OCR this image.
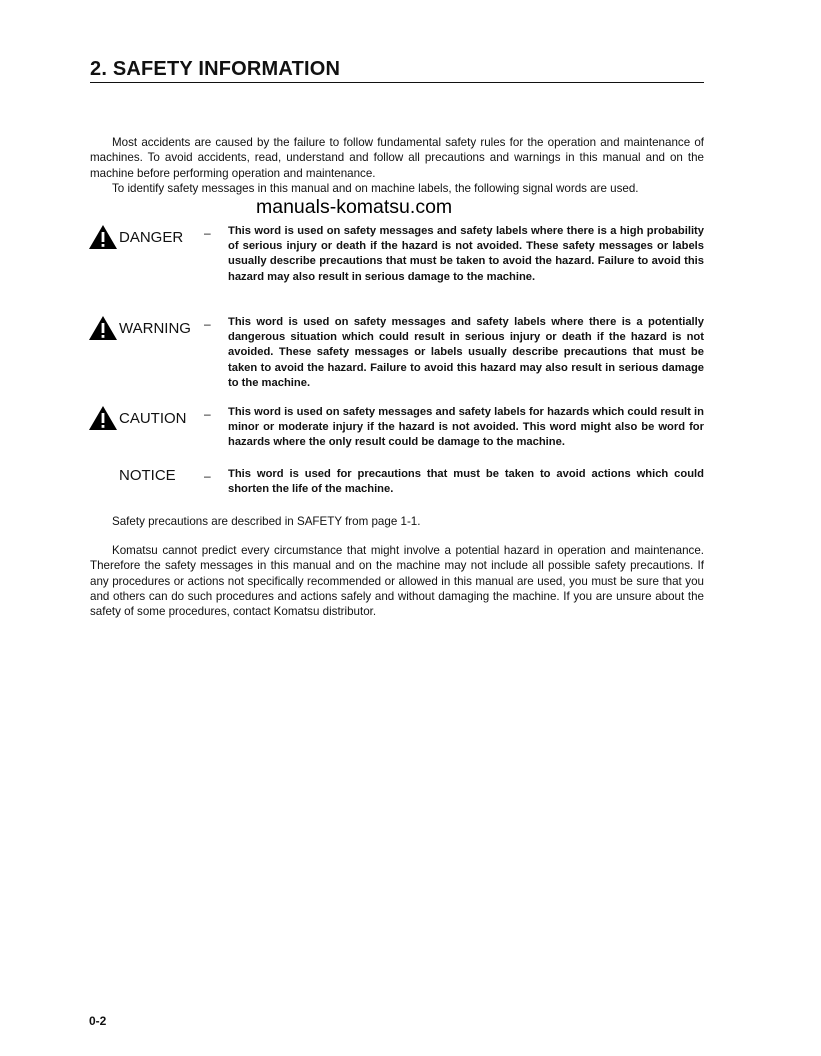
2. SAFETY INFORMATION

Most accidents are caused by the failure to follow fundamental safety rules for the operation and maintenance of machines. To avoid accidents, read, understand and follow all precautions and warnings in this manual and on the machine before performing operation and maintenance.

To identify safety messages in this manual and on machine labels, the following signal words are used.

manuals-komatsu.com
DANGER – This word is used on safety messages and safety labels where there is a high probability of serious injury or death if the hazard is not avoided. These safety messages or labels usually describe precautions that must be taken to avoid the hazard. Failure to avoid this hazard may also result in serious damage to the machine.

WARNING – This word is used on safety messages and safety labels where there is a potentially dangerous situation which could result in serious injury or death if the hazard is not avoided. These safety messages or labels usually describe precautions that must be taken to avoid the hazard. Failure to avoid this hazard may also result in serious damage to the machine.

CAUTION – This word is used on safety messages and safety labels for hazards which could result in minor or moderate injury if the hazard is not avoided. This word might also be word for hazards where the only result could be damage to the machine.

NOTICE – This word is used for precautions that must be taken to avoid actions which could shorten the life of the machine.

Safety precautions are described in SAFETY from page 1-1.

Komatsu cannot predict every circumstance that might involve a potential hazard in operation and maintenance. Therefore the safety messages in this manual and on the machine may not include all possible safety precautions. If any procedures or actions not specifically recommended or allowed in this manual are used, you must be sure that you and others can do such procedures and actions safely and without damaging the machine. If you are unsure about the safety of some procedures, contact Komatsu distributor.

0-2
